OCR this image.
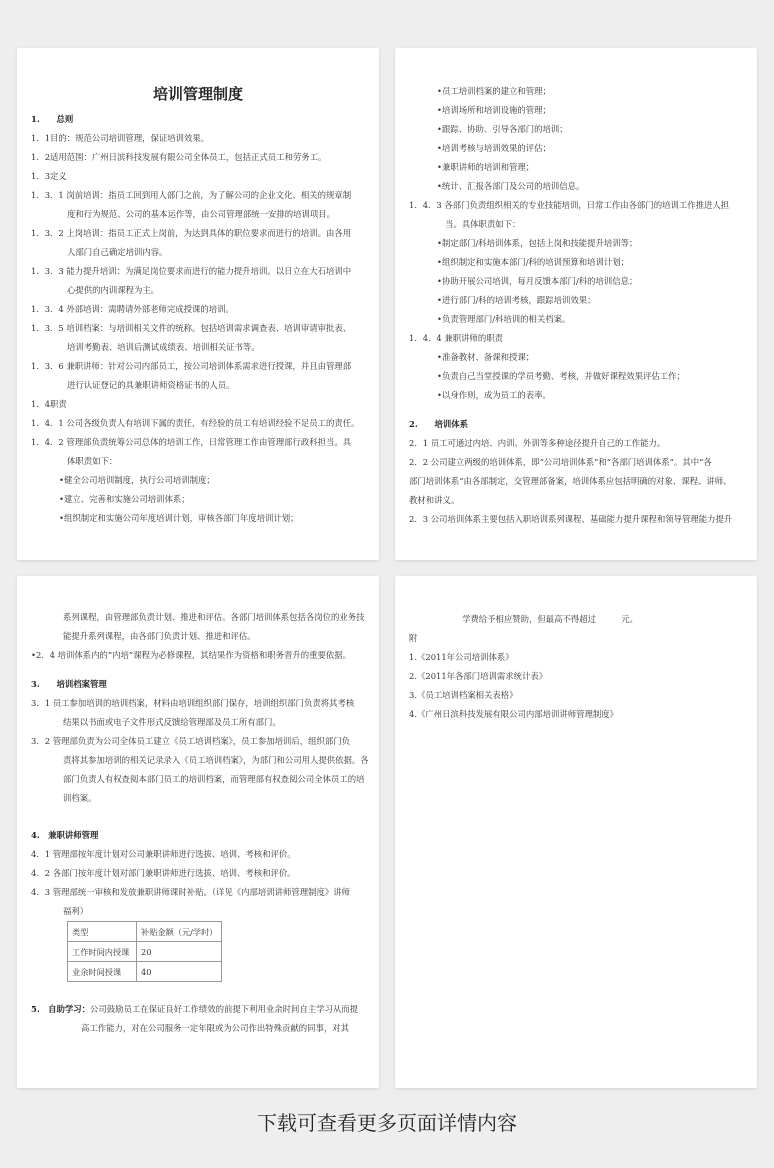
培训管理制度
1.　　总则
1．1目的：规范公司培训管理，保证培训效果。
1．2适用范围：广州日滨科技发展有限公司全体员工，包括正式员工和劳务工。
1．3定义
1．3．1 岗前培训：指员工回到用人部门之前，为了解公司的企业文化、相关的规章制
度和行为规范、公司的基本运作等，由公司管理部统一安排的培训项目。
1．3．2 上岗培训：指员工正式上岗前，为达到具体的职位要求而进行的培训。由各用
人部门自己确定培训内容。
1．3．3 能力提升培训：为满足岗位要求而进行的能力提升培训。以日立在大石培训中
心提供的内训课程为主。
1．3．4 外部培训：需聘请外部老师完成授课的培训。
1．3．5 培训档案：与培训相关文件的统称。包括培训需求调查表、培训审请审批表、
培训考勤表、培训后测试成绩表、培训相关证书等。
1．3．6 兼职讲师：针对公司内部员工，按公司培训体系需求进行授课，并且由管理部
进行认证登记的具兼职讲师资格证书的人员。
1．4职责
1．4．1 公司各级负责人有培训下属的责任，有经验的员工有培训经验不足员工的责任。
1．4．2 管理部负责统筹公司总体的培训工作，日常管理工作由管理部行政科担当。具
体职责如下：
•健全公司培训制度，执行公司培训制度；
•建立、完善和实施公司培训体系；
•组织制定和实施公司年度培训计划，审核各部门年度培训计划；
•员工培训档案的建立和管理；
•培训场所和培训设施的管理；
•跟踪、协助、引导各部门的培训；
•培训考核与培训效果的评估；
•兼职讲师的培训和管理；
•统计、汇报各部门及公司的培训信息。
1．4．3 各部门负责组织相关的专业技能培训，日常工作由各部门的培训工作推进人担
当。具体职责如下：
•制定部门/科培训体系，包括上岗和技能提升培训等；
•组织制定和实施本部门/科的培训预算和培训计划；
•协助开展公司培训，每月反馈本部门/科的培训信息；
•进行部门/科的培训考核，跟踪培训效果；
•负责管理部门/科培训的相关档案。
1．4．4 兼职讲师的职责
•准备教材、备课和授课；
•负责自己当堂授课的学员考勤、考核，并做好课程效果评估工作；
•以身作则，成为员工的表率。
2.　　培训体系
2．1 员工可通过内培、内训、外训等多种途径提升自己的工作能力。
2．2 公司建立两级的培训体系，即“公司培训体系”和“各部门培训体系”。其中“各
部门培训体系”由各部制定，交管理部备案，培训体系应包括明确的对象、课程、讲师、
教材和讲义。
2．3 公司培训体系主要包括入职培训系列课程、基础能力提升课程和领导管理能力提升
系列课程，由管理部负责计划、推进和评估。各部门培训体系包括各岗位的业务技
能提升系列课程，由各部门负责计划、推进和评估。
•2．4 培训体系内的“内培”课程为必修课程，其结果作为资格和职务晋升的重要依据。
3.　　培训档案管理
3．1 员工参加培训的培训档案，材料由培训组织部门保存，培训组织部门负责将其考核
结果以书面或电子文件形式反馈给管理部及员工所有部门。
3．2 管理部负责为公司全体员工建立《员工培训档案》，员工参加培训后，组织部门负
责将其参加培训的相关记录录入《员工培训档案》，为部门和公司用人提供依据。各
部门负责人有权查阅本部门员工的培训档案，而管理部有权查阅公司全体员工的培
训档案。
4.　兼职讲师管理
4．1 管理部按年度计划对公司兼职讲师进行选拔、培训、考核和评价。
4．2 各部门按年度计划对部门兼职讲师进行选拔、培训、考核和评价。
4．3 管理部统一审核和发放兼职讲师课时补贴。（详见《内部培训讲师管理制度》讲师
福利）
类型	补贴金额（元/学时）
工作时间内授课	20
业余时间授课	40
5.　自助学习：公司鼓励员工在保证良好工作绩效的前提下利用业余时间自主学习从而提
高工作能力，对在公司服务一定年限或为公司作出特殊贡献的同事，对其
学费给予相应赞助，但最高不得超过　　　元。
附
1.《2011年公司培训体系》
2.《2011年各部门培训需求统计表》
3.《员工培训档案相关表格》
4.《广州日滨科技发展有限公司内部培训讲师管理制度》
下载可查看更多页面详情内容
